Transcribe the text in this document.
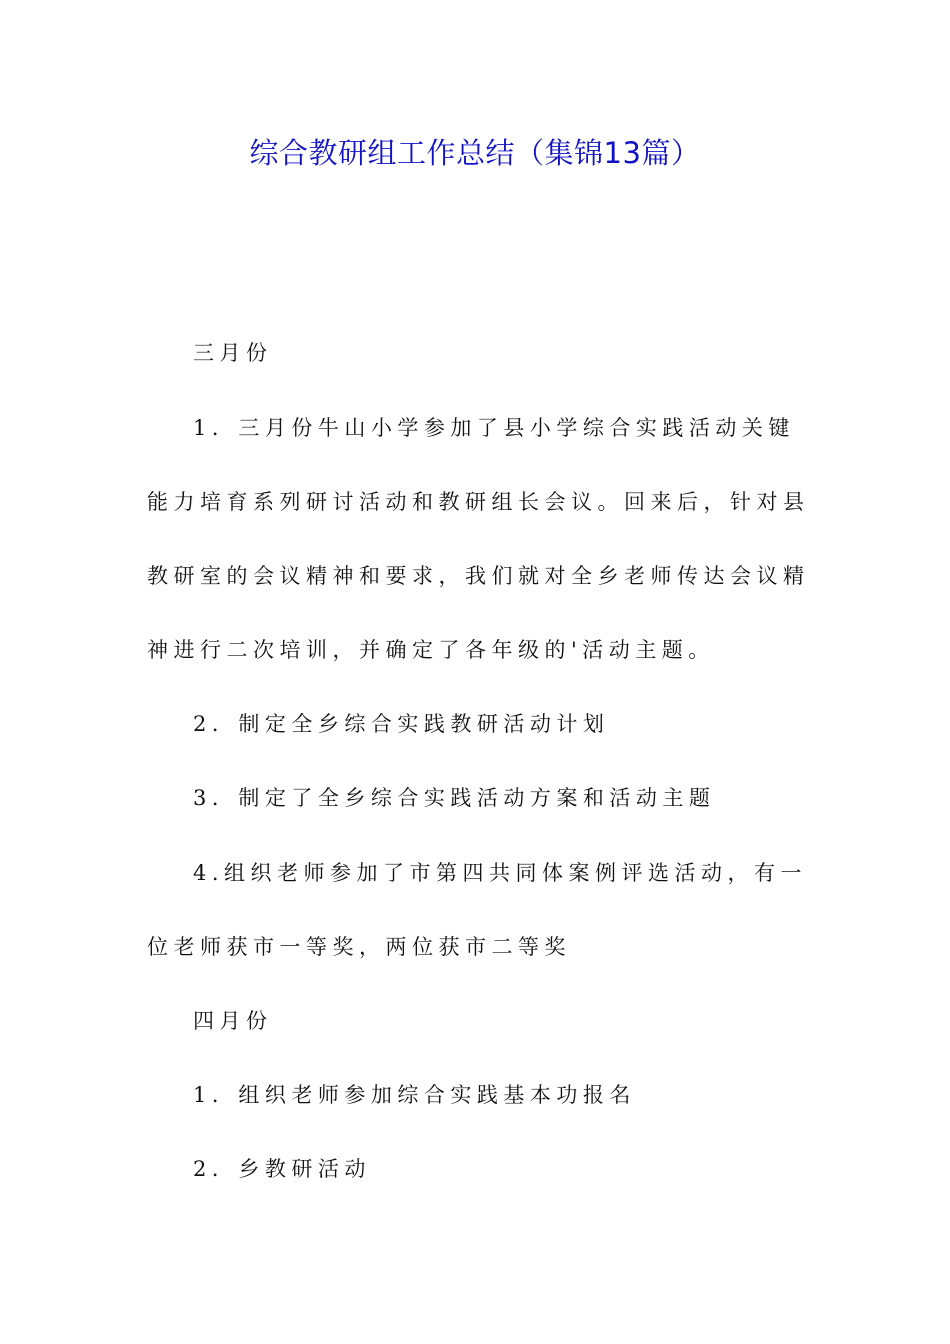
综合教研组工作总结（集锦13篇）

三月份

1．三月份牛山小学参加了县小学综合实践活动关键能力培育系列研讨活动和教研组长会议。回来后，针对县教研室的会议精神和要求，我们就对全乡老师传达会议精神进行二次培训，并确定了各年级的'活动主题。

2．制定全乡综合实践教研活动计划

3．制定了全乡综合实践活动方案和活动主题

4.组织老师参加了市第四共同体案例评选活动，有一位老师获市一等奖，两位获市二等奖

四月份

1．组织老师参加综合实践基本功报名

2．乡教研活动
